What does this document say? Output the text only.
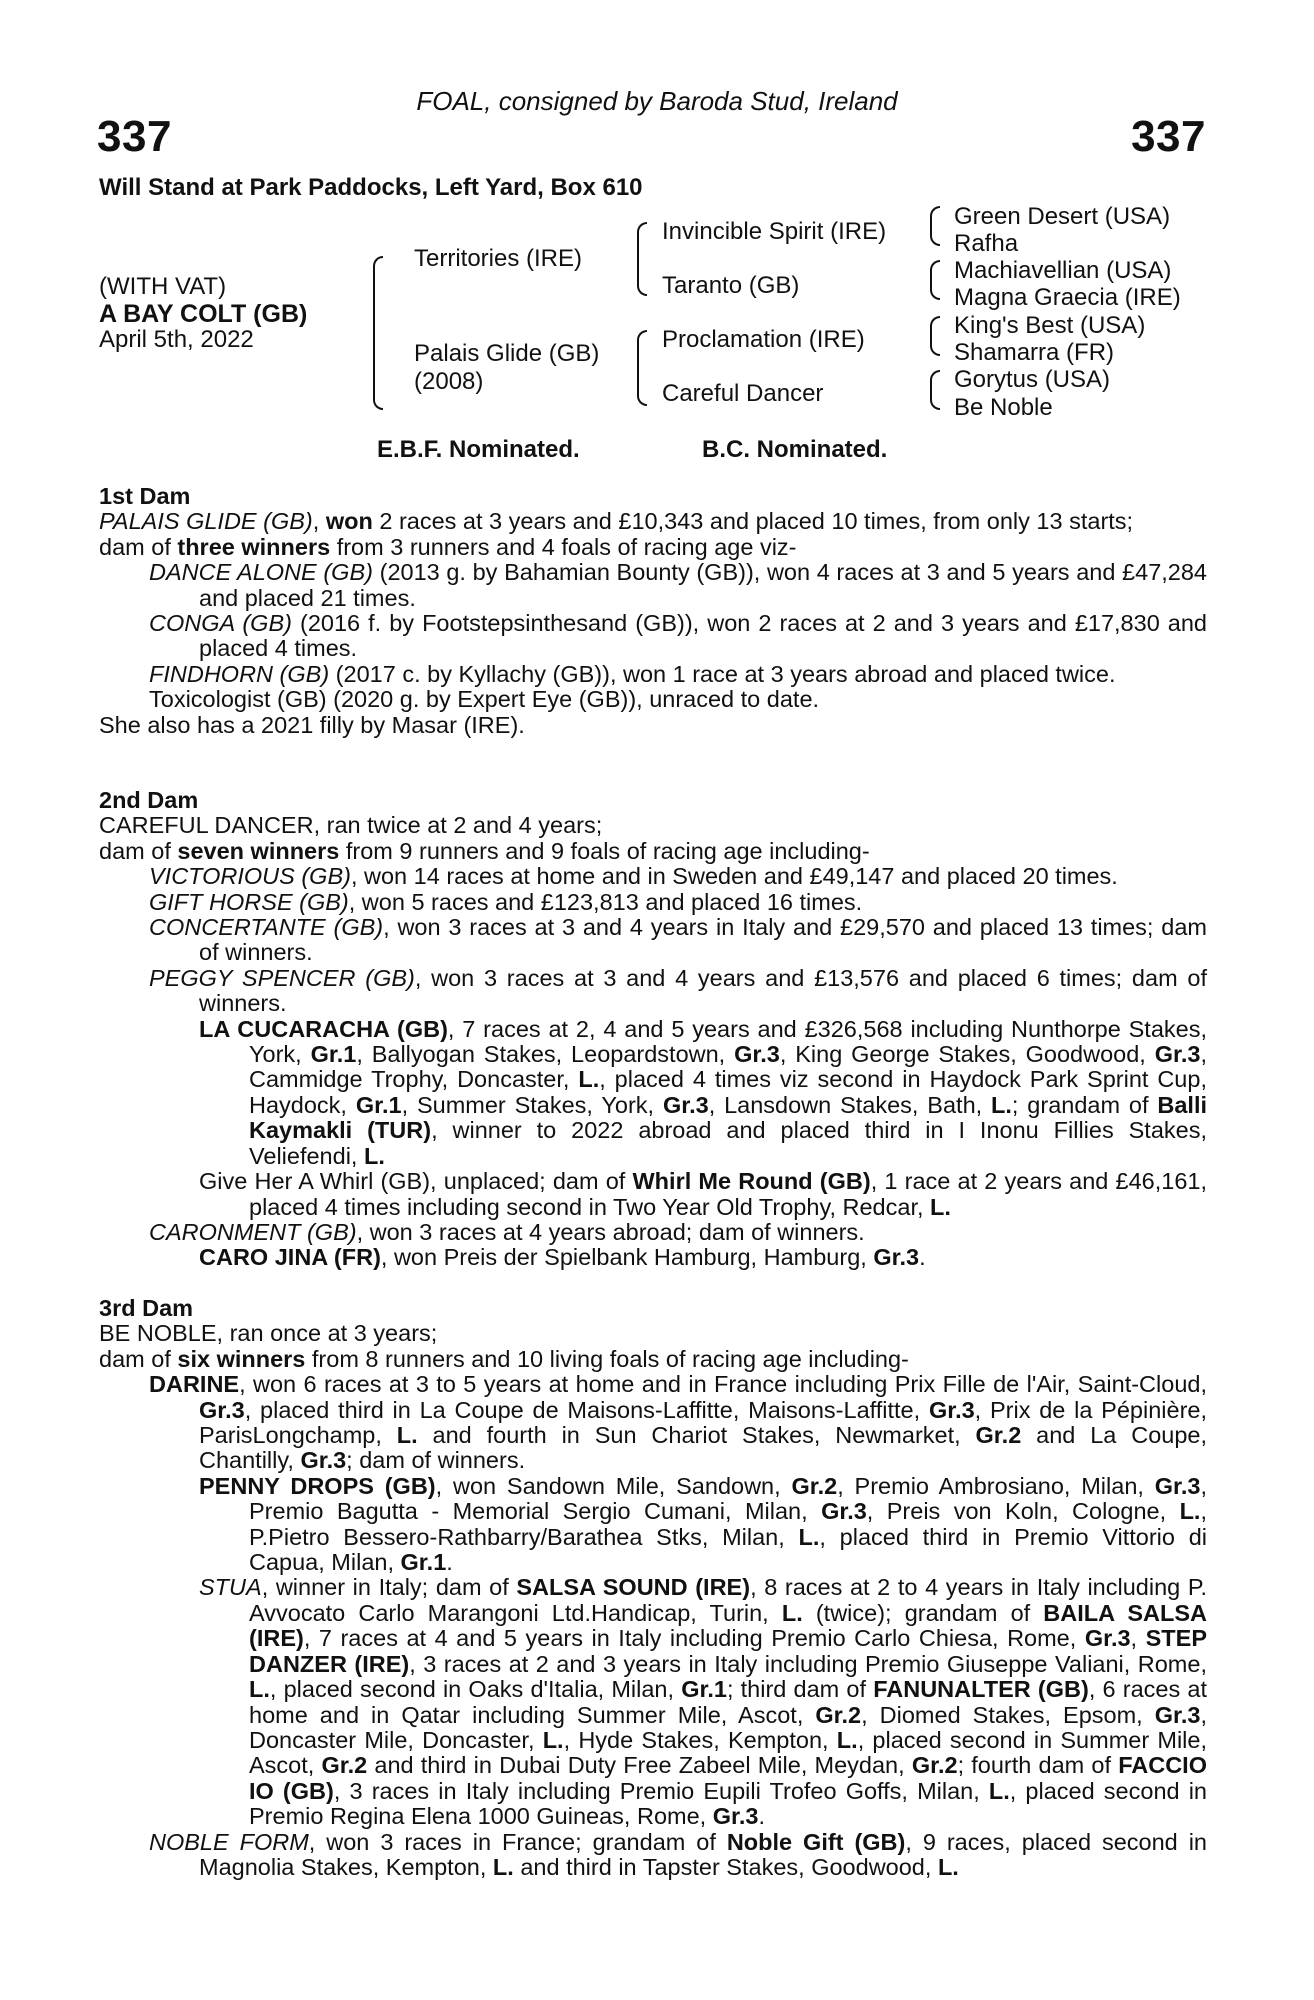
FOAL, consigned by Baroda Stud, Ireland
337	337
Will Stand at Park Paddocks, Left Yard, Box 610
(WITH VAT)
A BAY COLT (GB)
April 5th, 2022
Territories (IRE)
Palais Glide (GB)
(2008)
Invincible Spirit (IRE)
Taranto (GB)
Proclamation (IRE)
Careful Dancer
Green Desert (USA)
Rafha
Machiavellian (USA)
Magna Graecia (IRE)
King's Best (USA)
Shamarra (FR)
Gorytus (USA)
Be Noble
E.B.F. Nominated.	B.C. Nominated.
1st Dam

PALAIS GLIDE (GB), won 2 races at 3 years and £10,343 and placed 10 times, from only 13 starts;

dam of three winners from 3 runners and 4 foals of racing age viz-

DANCE ALONE (GB) (2013 g. by Bahamian Bounty (GB)), won 4 races at 3 and 5 years and £47,284 and placed 21 times.

CONGA (GB) (2016 f. by Footstepsinthesand (GB)), won 2 races at 2 and 3 years and £17,830 and placed 4 times.

FINDHORN (GB) (2017 c. by Kyllachy (GB)), won 1 race at 3 years abroad and placed twice.

Toxicologist (GB) (2020 g. by Expert Eye (GB)), unraced to date.

She also has a 2021 filly by Masar (IRE).

2nd Dam

CAREFUL DANCER, ran twice at 2 and 4 years;

dam of seven winners from 9 runners and 9 foals of racing age including-

VICTORIOUS (GB), won 14 races at home and in Sweden and £49,147 and placed 20 times.

GIFT HORSE (GB), won 5 races and £123,813 and placed 16 times.

CONCERTANTE (GB), won 3 races at 3 and 4 years in Italy and £29,570 and placed 13 times; dam of winners.

PEGGY SPENCER (GB), won 3 races at 3 and 4 years and £13,576 and placed 6 times; dam of winners.

LA CUCARACHA (GB), 7 races at 2, 4 and 5 years and £326,568 including Nunthorpe Stakes, York, Gr.1, Ballyogan Stakes, Leopardstown, Gr.3, King George Stakes, Goodwood, Gr.3, Cammidge Trophy, Doncaster, L., placed 4 times viz second in Haydock Park Sprint Cup, Haydock, Gr.1, Summer Stakes, York, Gr.3, Lansdown Stakes, Bath, L.; grandam of Balli Kaymakli (TUR), winner to 2022 abroad and placed third in I Inonu Fillies Stakes, Veliefendi, L.

Give Her A Whirl (GB), unplaced; dam of Whirl Me Round (GB), 1 race at 2 years and £46,161, placed 4 times including second in Two Year Old Trophy, Redcar, L.

CARONMENT (GB), won 3 races at 4 years abroad; dam of winners.

CARO JINA (FR), won Preis der Spielbank Hamburg, Hamburg, Gr.3.

3rd Dam

BE NOBLE, ran once at 3 years;

dam of six winners from 8 runners and 10 living foals of racing age including-

DARINE, won 6 races at 3 to 5 years at home and in France including Prix Fille de l'Air, Saint-Cloud, Gr.3, placed third in La Coupe de Maisons-Laffitte, Maisons-Laffitte, Gr.3, Prix de la Pépinière, ParisLongchamp, L. and fourth in Sun Chariot Stakes, Newmarket, Gr.2 and La Coupe, Chantilly, Gr.3; dam of winners.

PENNY DROPS (GB), won Sandown Mile, Sandown, Gr.2, Premio Ambrosiano, Milan, Gr.3, Premio Bagutta - Memorial Sergio Cumani, Milan, Gr.3, Preis von Koln, Cologne, L., P.Pietro Bessero-Rathbarry/Barathea Stks, Milan, L., placed third in Premio Vittorio di Capua, Milan, Gr.1.

STUA, winner in Italy; dam of SALSA SOUND (IRE), 8 races at 2 to 4 years in Italy including P. Avvocato Carlo Marangoni Ltd.Handicap, Turin, L. (twice); grandam of BAILA SALSA (IRE), 7 races at 4 and 5 years in Italy including Premio Carlo Chiesa, Rome, Gr.3, STEP DANZER (IRE), 3 races at 2 and 3 years in Italy including Premio Giuseppe Valiani, Rome, L., placed second in Oaks d'Italia, Milan, Gr.1; third dam of FANUNALTER (GB), 6 races at home and in Qatar including Summer Mile, Ascot, Gr.2, Diomed Stakes, Epsom, Gr.3, Doncaster Mile, Doncaster, L., Hyde Stakes, Kempton, L., placed second in Summer Mile, Ascot, Gr.2 and third in Dubai Duty Free Zabeel Mile, Meydan, Gr.2; fourth dam of FACCIO IO (GB), 3 races in Italy including Premio Eupili Trofeo Goffs, Milan, L., placed second in Premio Regina Elena 1000 Guineas, Rome, Gr.3.

NOBLE FORM, won 3 races in France; grandam of Noble Gift (GB), 9 races, placed second in Magnolia Stakes, Kempton, L. and third in Tapster Stakes, Goodwood, L.
